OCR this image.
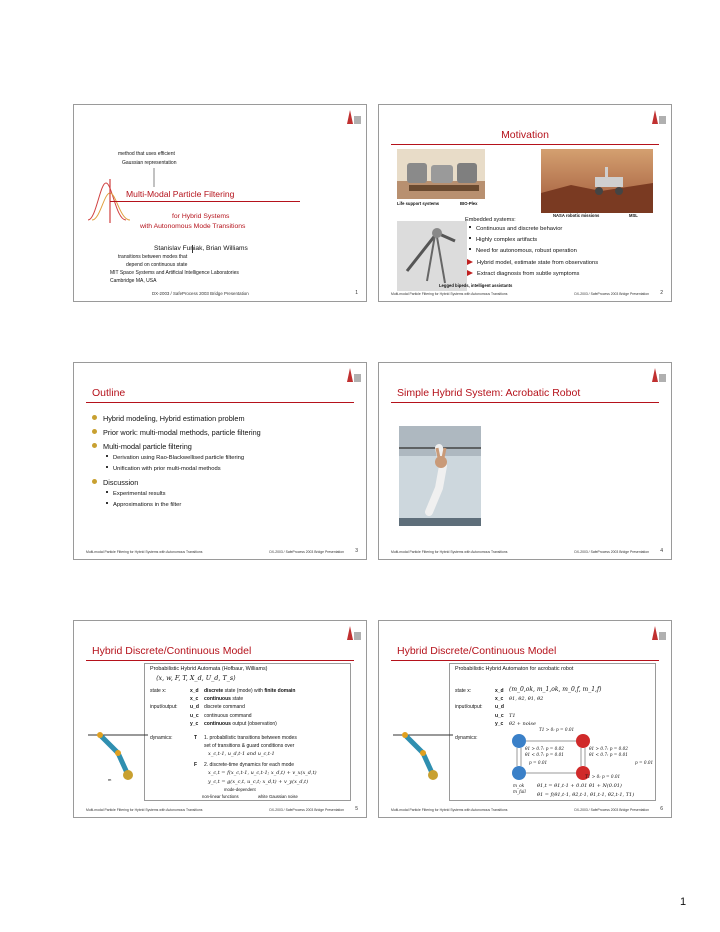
method that uses efficient
Gaussian representation
Multi-Modal Particle Filtering
for Hybrid Systems
with Autonomous Mode Transitions
Stanislav Funiak, Brian Williams
transitions between modes that
depend on continuous state
MIT Space Systems and Artificial Intelligence Laboratories
Cambridge MA, USA
DX-2003 / SafeProcess 2003 Bridge Presentation	1
Motivation
Life support systems	BIO-Plex
NASA robotic missions	MSL
Embedded systems:
Continuous and discrete behavior
Highly complex artifacts
Need for autonomous, robust operation
Hybrid model, estimate state from observations
Extract diagnosis from subtle symptoms
Legged bipeds, intelligent assistants
Multi-modal Particle Filtering for Hybrid Systems with Autonomous Transitions	DX-2003 / SafeProcess 2003 Bridge Presentation 2
Outline
Hybrid modeling, Hybrid estimation problem
Prior work: multi-modal methods, particle filtering
Multi-modal particle filtering
Derivation using Rao-Blackwellised particle filtering
Unification with prior multi-modal methods
Discussion
Experimental results
Approximations in the filter
Multi-modal Particle Filtering for Hybrid Systems with Autonomous Transitions	DX-2003 / SafeProcess 2003 Bridge Presentation 3
Simple Hybrid System: Acrobatic Robot
Multi-modal Particle Filtering for Hybrid Systems with Autonomous Transitions	DX-2003 / SafeProcess 2003 Bridge Presentation 4
Hybrid Discrete/Continuous Model
Probabilistic Hybrid Automata (Hofbaur, Williams)
⟨x, w, F, T, X_d, U_d, T_s⟩
state x:	x_d discrete state (mode) with finite domain
x_c continuous state
input/output: u_d discrete command
u_c continuous command
y_c continuous output (observation)
dynamics:	T 1. probabilistic transitions between modes
set of transitions & guard conditions over
x_c,t-1, u_d,t-1 and u_c,t-1
F 2. discrete-time dynamics for each mode
x_c,t = f(x_c,t-1, u_c,t-1; x_d,t) + v_x(x_d,t)
y_c,t = g(x_c,t, u_c,t; x_d,t) + v_y(x_d,t)
mode-dependent
non-linear functions	white Gaussian noise
m
Multi-modal Particle Filtering for Hybrid Systems with Autonomous Transitions	DX-2003 / SafeProcess 2003 Bridge Presentation 5
Hybrid Discrete/Continuous Model
Probabilistic Hybrid Automaton for acrobatic robot
state x:	x_d (m_0,ok, m_1,ok, m_0,f, m_1,f)
x_c θ1, θ2, θ̇1, θ̇2
input/output: u_d
u_c T1
y_c θ2 + noise
dynamics:
T1 > 0: p = 0.01
θ1 > 0.7: p = 0.02
θ1 < 0.7: p = 0.01
θ1 > 0.7: p = 0.02
θ1 < 0.7: p = 0.01
p = 0.01	p = 0.01
T1 > 0: p = 0.01
m_ok
m_fail
θ1,t = θ1,t-1 + 0.01 θ̇1 + N(0.01)
θ̇1 = f(θ1,t-1, θ2,t-1, θ̇1,t-1, θ̇2,t-1, T1)
Multi-modal Particle Filtering for Hybrid Systems with Autonomous Transitions	DX-2003 / SafeProcess 2003 Bridge Presentation 6
1
